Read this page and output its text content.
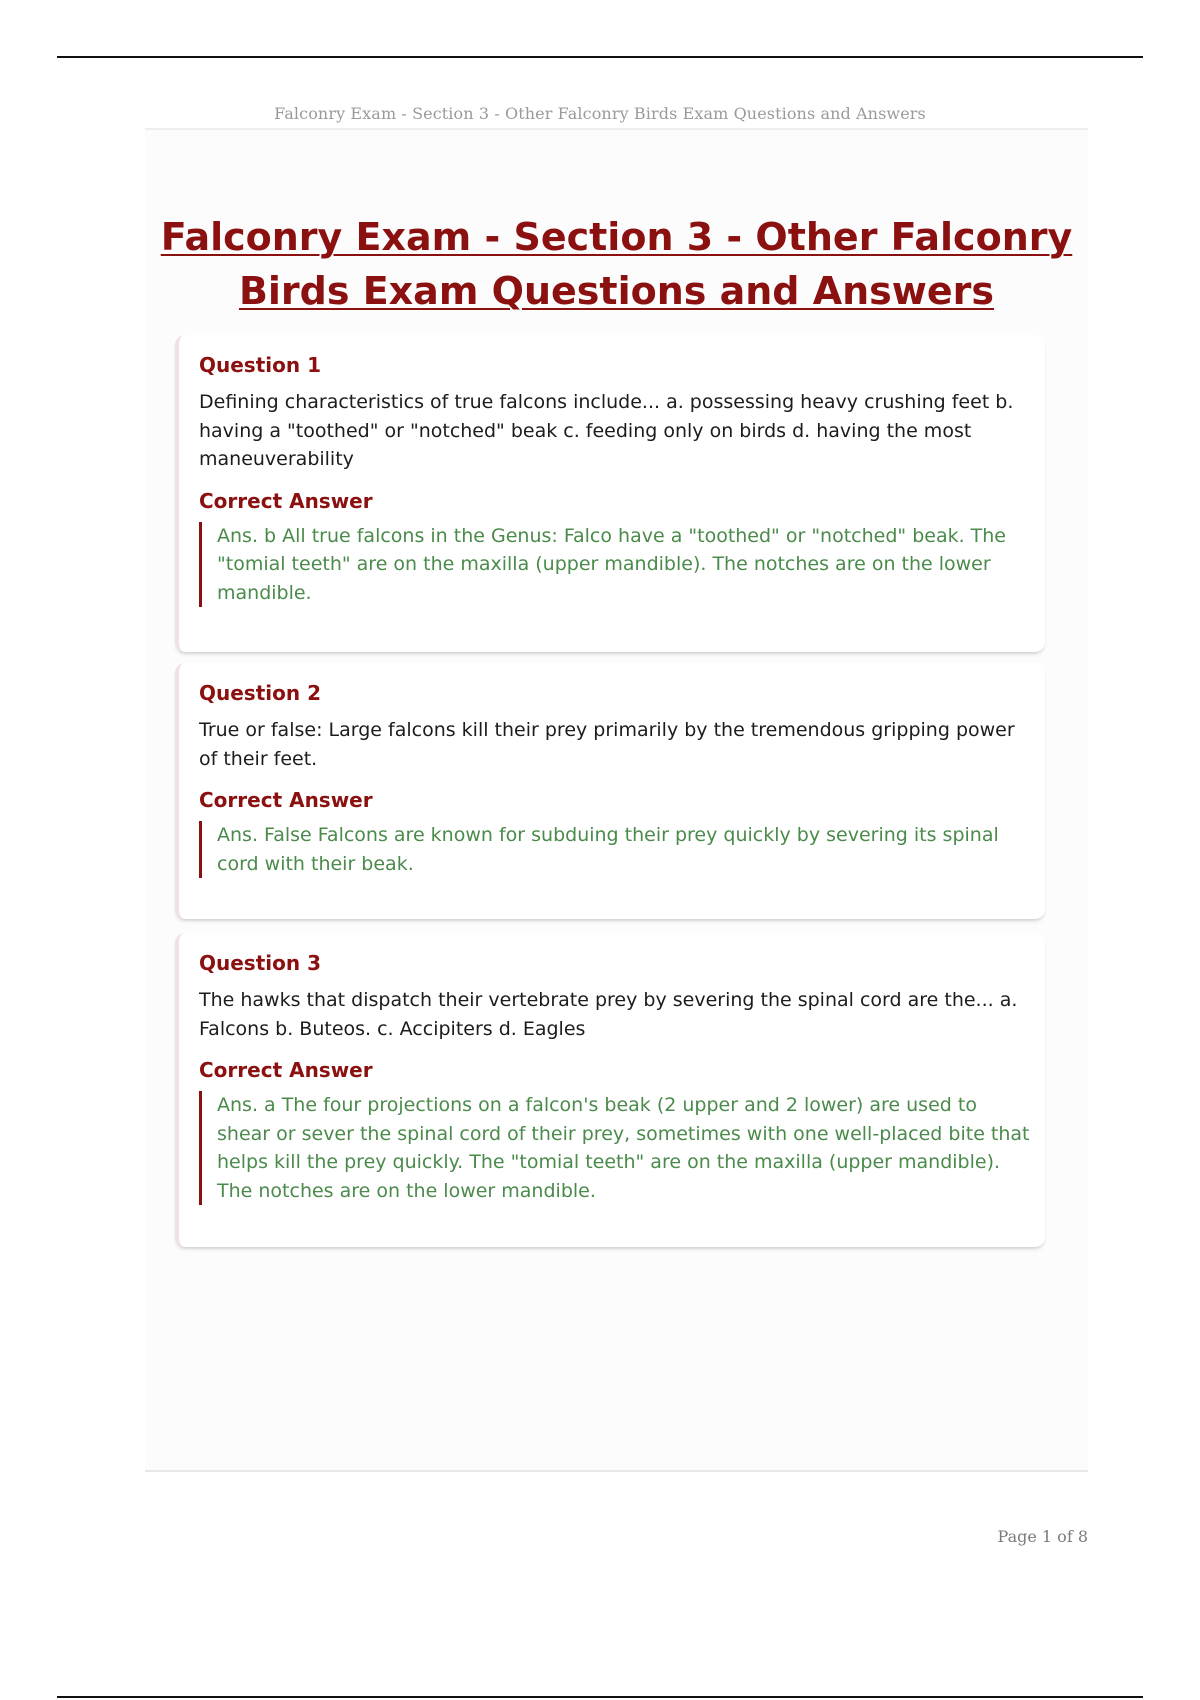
Falconry Exam - Section 3 - Other Falconry Birds Exam Questions and Answers
Falconry Exam - Section 3 - Other Falconry Birds Exam Questions and Answers
Question 1
Defining characteristics of true falcons include... a. possessing heavy crushing feet b. having a "toothed" or "notched" beak c. feeding only on birds d. having the most maneuverability
Correct Answer
Ans. b All true falcons in the Genus: Falco have a "toothed" or "notched" beak. The "tomial teeth" are on the maxilla (upper mandible). The notches are on the lower mandible.
Question 2
True or false: Large falcons kill their prey primarily by the tremendous gripping power of their feet.
Correct Answer
Ans. False Falcons are known for subduing their prey quickly by severing its spinal cord with their beak.
Question 3
The hawks that dispatch their vertebrate prey by severing the spinal cord are the... a. Falcons b. Buteos. c. Accipiters d. Eagles
Correct Answer
Ans. a The four projections on a falcon's beak (2 upper and 2 lower) are used to shear or sever the spinal cord of their prey, sometimes with one well-placed bite that helps kill the prey quickly. The "tomial teeth" are on the maxilla (upper mandible). The notches are on the lower mandible.
Page 1 of 8
